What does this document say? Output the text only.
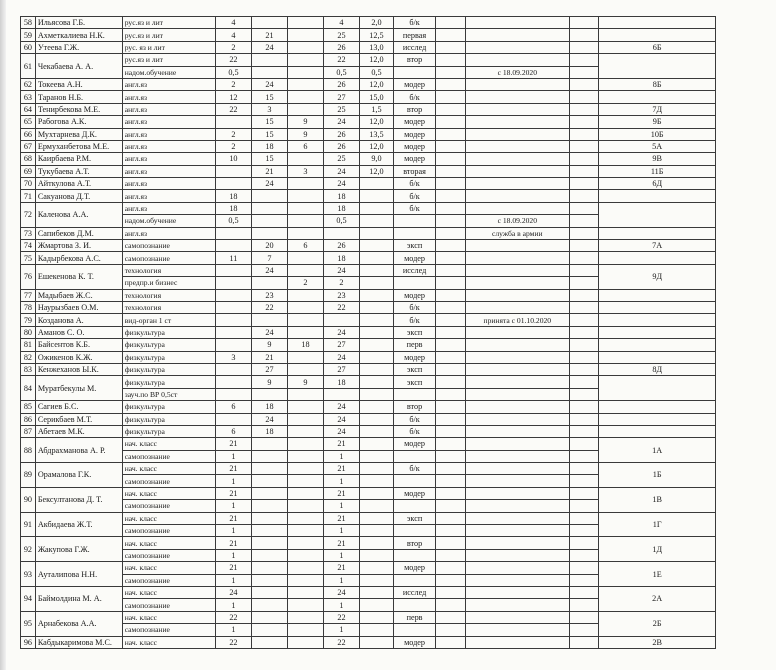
58	Ильясова Г.Б.	рус.яз и лит	4			4	2,0	б/к				
59	Ахметкалиева Н.К.	рус.яз и лит	4	21		25	12,5	первая				
60	Утеева Г.Ж.	рус. яз и лит	2	24		26	13,0	исслед				6Б
61	Чекабаева А. А.	рус.яз и лит	22			22	12,0	втор				
		надом.обучение	0,5			0,5	0,5			с 18.09.2020		
62	Токеева А.Н.	англ.яз	2	24		26	12,0	модер				8Б
63	Таранов Н.Б.	англ.яз	12	15		27	15,0	б/к				
64	Тенирбекова М.Е.	англ.яз	22	3		25	1,5	втор				7Д
65	Рабогова А.К.	англ.яз		15	9	24	12,0	модер				9Б
66	Мухтарнева Д.К.	англ.яз	2	15	9	26	13,5	модер				10Б
67	Ермуханбетова М.Е.	англ.яз	2	18	6	26	12,0	модер				5А
68	Каирбаева Р.М.	англ.яз	10	15		25	9,0	модер				9В
69	Тукубаева А.Т.	англ.яз		21	3	24	12,0	вторая				11Б
70	Айткулова А.Т.	англ.яз		24		24		б/к				6Д
71	Сакуанова Д.Т.	англ.яз	18			18		б/к				
72	Каленова А.А.	англ.яз	18			18		б/к				
		надом.обучение	0,5			0,5				с 18.09.2020		
73	Сапибеков Д.М.	англ.яз								служба в армии		
74	Жмартова З. И.	самопознание		20	6	26		эксп				7А
75	Кадырбекова А.С.	самопознание	11	7		18		модер				
76	Ешекенова К. Т.	технология		24		24		исслед				9Д
		предпр.и бизнес			2	2						
77	Мадыбаев Ж.С.	технология		23		23		модер				
78	Наурызбаев О.М.	технология		22		22		б/к				
79	Козданова А.	вид-орган 1 ст						б/к		принята с 01.10.2020		
80	Аманов С. О.	физкультура		24		24		эксп				
81	Байсентов К.Б.	физкультура		9	18	27		перв				
82	Ожикенов К.Ж.	физкультура	3	21		24		модер				
83	Кенжеханов Ы.К.	физкультура		27		27		эксп				8Д
84	Муратбекулы М.	физкультура		9	9	18		эксп				
		зауч.по ВР 0,5ст										
85	Сагиев Б.С.	физкультура	6	18		24		втор				
86	Серикбаев М.Т.	физкультура		24		24		б/к				
87	Абетаев М.К.	физкультура	6	18		24		б/к				
88	Абдрахманова А. Р.	нач. класс	21			21		модер				1А
		самопознание	1			1						
89	Орамалова Г.К.	нач. класс	21			21		б/к				1Б
		самопознание	1			1						
90	Бексултанова Д. Т.	нач. класс	21			21		модер				1В
		самопознание	1			1						
91	Акбидаева Ж.Т.	нач. класс	21			21		эксп				1Г
		самопознание	1			1						
92	Жакупова Г.Ж.	нач. класс	21			21		втор				1Д
		самопознание	1			1						
93	Ауталипова Н.Н.	нач. класс	21			21		модер				1Е
		самопознание	1			1						
94	Баймолдина М. А.	нач. класс	24			24		исслед				2А
		самопознание	1			1						
95	Арнабекова А.А.	нач. класс	22			22		перв				2Б
		самопознание	1			1						
96	Кабдыкаримова М.С.	нач. класс	22			22		модер				2В
